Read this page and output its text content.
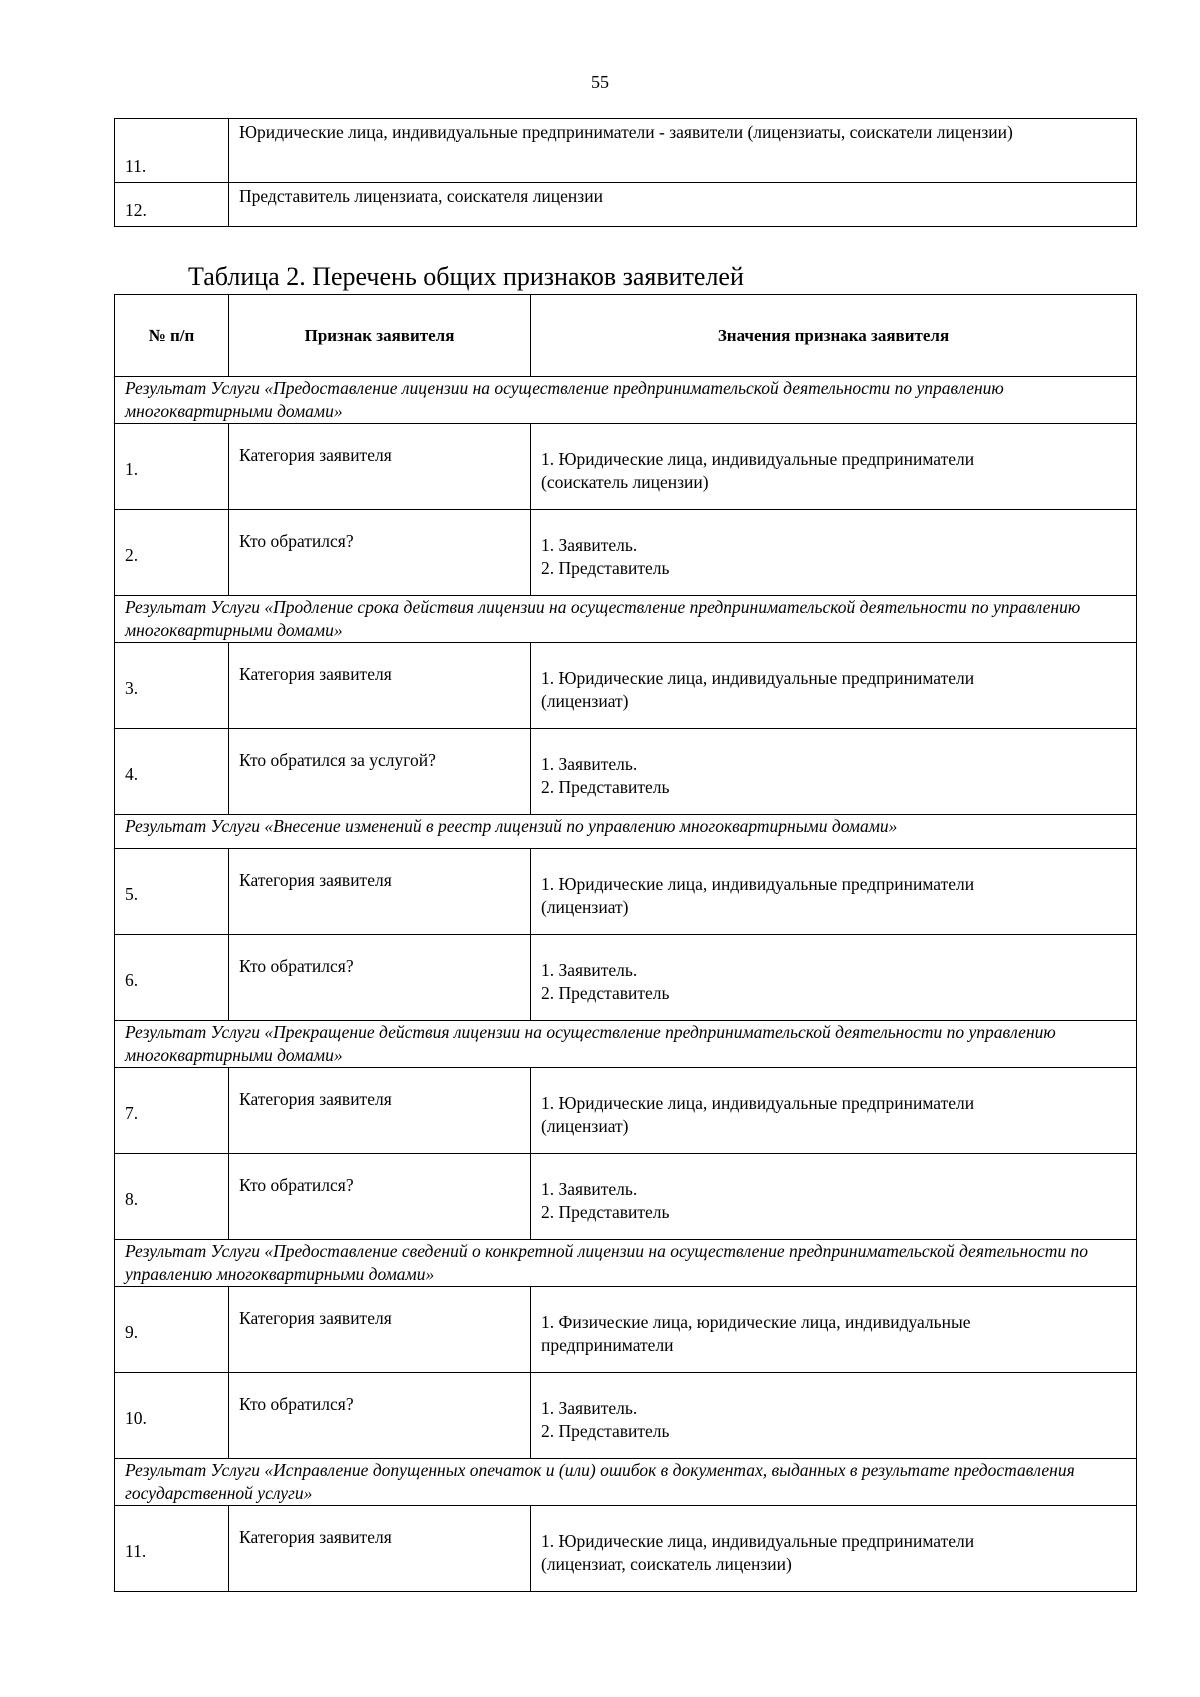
55
11.	Юридические лица, индивидуальные предприниматели - заявители (лицензиаты, соискатели лицензии)
12.	Представитель лицензиата, соискателя лицензии
Таблица 2. Перечень общих признаков заявителей
№ п/п	Признак заявителя	Значения признака заявителя
Результат Услуги «Предоставление лицензии на осуществление предпринимательской деятельности по управлению многоквартирными домами»		
1.	Категория заявителя	1. Юридические лица, индивидуальные предприниматели
(соискатель лицензии)

2.	Кто обратился?	1. Заявитель.
2. Представитель

Результат Услуги «Продление срока действия лицензии на осуществление предпринимательской деятельности по управлению многоквартирными домами»		
3.	Категория заявителя	1. Юридические лица, индивидуальные предприниматели
(лицензиат)

4.	Кто обратился за услугой?	1. Заявитель.
2. Представитель

Результат Услуги «Внесение изменений в реестр лицензий по управлению многоквартирными домами»		
5.	Категория заявителя	1. Юридические лица, индивидуальные предприниматели
(лицензиат)

6.	Кто обратился?	1. Заявитель.
2. Представитель

Результат Услуги «Прекращение действия лицензии на осуществление предпринимательской деятельности по управлению многоквартирными домами»		
7.	Категория заявителя	1. Юридические лица, индивидуальные предприниматели
(лицензиат)

8.	Кто обратился?	1. Заявитель.
2. Представитель

Результат Услуги «Предоставление сведений о конкретной лицензии на осуществление предпринимательской деятельности по управлению многоквартирными домами»		
9.	Категория заявителя	1. Физические лица, юридические лица, индивидуальные
предприниматели

10.	Кто обратился?	1. Заявитель.
2. Представитель

Результат Услуги «Исправление допущенных опечаток и (или) ошибок в документах, выданных в результате предоставления государственной услуги»		
11.	Категория заявителя	1. Юридические лица, индивидуальные предприниматели
(лицензиат, соискатель лицензии)
